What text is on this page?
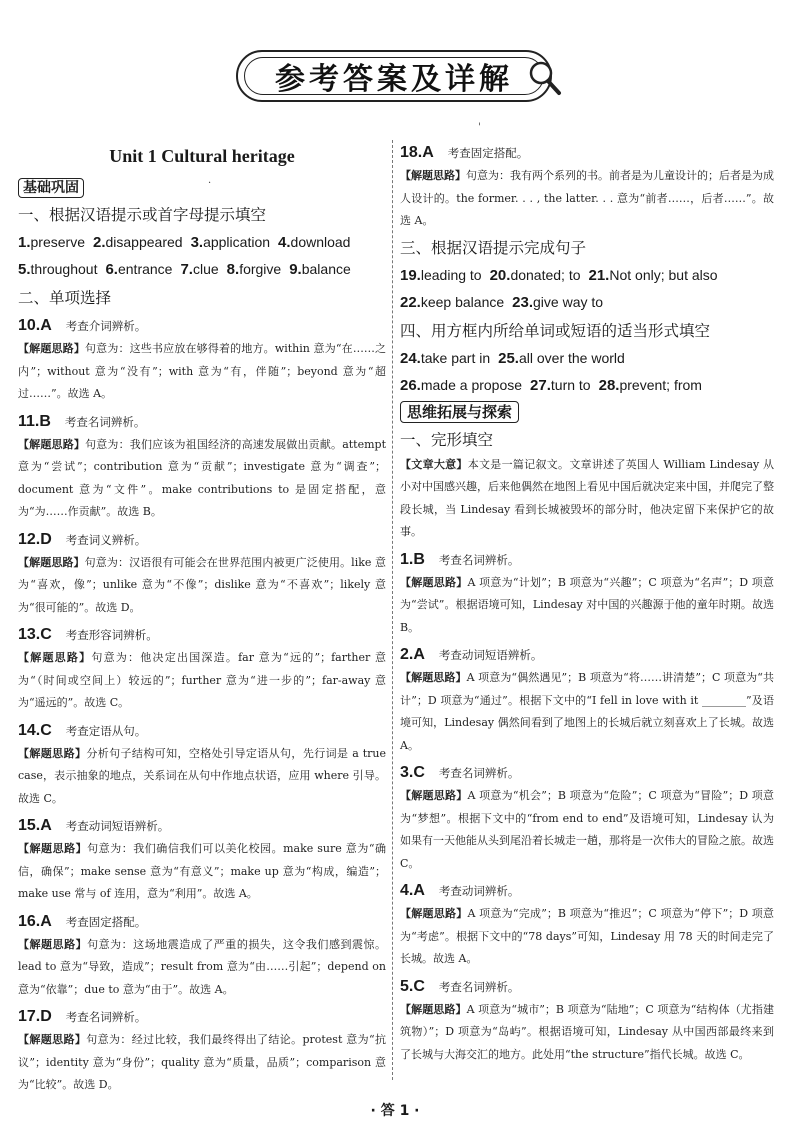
参考答案及详解
·
'
Unit 1 Cultural heritage
基础巩固
一、根据汉语提示或首字母提示填空
1.preserve 2.disappeared 3.application 4.download
5.throughout 6.entrance 7.clue 8.forgive 9.balance
二、单项选择
10.A 考查介词辨析。
【解题思路】句意为：这些书应放在够得着的地方。within 意为“在……之内”；without 意为“没有”；with 意为“有，伴随”；beyond 意为“超过……”。故选 A。
11.B 考查名词辨析。
【解题思路】句意为：我们应该为祖国经济的高速发展做出贡献。attempt 意为“尝试”；contribution 意为“贡献”；investigate 意为“调查”；document 意为“文件”。make contributions to 是固定搭配，意为“为……作贡献”。故选 B。
12.D 考查词义辨析。
【解题思路】句意为：汉语很有可能会在世界范围内被更广泛使用。like 意为“喜欢，像”；unlike 意为“不像”；dislike 意为“不喜欢”；likely 意为“很可能的”。故选 D。
13.C 考查形容词辨析。
【解题思路】句意为：他决定出国深造。far 意为“远的”；farther 意为“（时间或空间上）较远的”；further 意为“进一步的”；far-away 意为“遥远的”。故选 C。
14.C 考查定语从句。
【解题思路】分析句子结构可知，空格处引导定语从句，先行词是 a true case，表示抽象的地点，关系词在从句中作地点状语，应用 where 引导。故选 C。
15.A 考查动词短语辨析。
【解题思路】句意为：我们确信我们可以美化校园。make sure 意为“确信，确保”；make sense 意为“有意义”；make up 意为“构成，编造”；make use 常与 of 连用，意为“利用”。故选 A。
16.A 考查固定搭配。
【解题思路】句意为：这场地震造成了严重的损失，这令我们感到震惊。lead to 意为“导致，造成”；result from 意为“由……引起”；depend on 意为“依靠”；due to 意为“由于”。故选 A。
17.D 考查名词辨析。
【解题思路】句意为：经过比较，我们最终得出了结论。protest 意为“抗议”；identity 意为“身份”；quality 意为“质量，品质”；comparison 意为“比较”。故选 D。
18.A 考查固定搭配。
【解题思路】句意为：我有两个系列的书。前者是为儿童设计的；后者是为成人设计的。the former. . . , the latter. . . 意为“前者……，后者……”。故选 A。
三、根据汉语提示完成句子
19.leading to 20.donated; to 21.Not only; but also
22.keep balance 23.give way to
四、用方框内所给单词或短语的适当形式填空
24.take part in 25.all over the world
26.made a propose 27.turn to 28.prevent; from
思维拓展与探索
一、完形填空
【文章大意】本文是一篇记叙文。文章讲述了英国人 William Lindesay 从小对中国感兴趣，后来他偶然在地图上看见中国后就决定来中国，并爬完了整段长城，当 Lindesay 看到长城被毁坏的部分时，他决定留下来保护它的故事。
1.B 考查名词辨析。
【解题思路】A 项意为“计划”；B 项意为“兴趣”；C 项意为“名声”；D 项意为“尝试”。根据语境可知，Lindesay 对中国的兴趣源于他的童年时期。故选 B。
2.A 考查动词短语辨析。
【解题思路】A 项意为“偶然遇见”；B 项意为“将……讲清楚”；C 项意为“共计”；D 项意为“通过”。根据下文中的“I fell in love with it ________”及语境可知，Lindesay 偶然间看到了地图上的长城后就立刻喜欢上了长城。故选 A。
3.C 考查名词辨析。
【解题思路】A 项意为“机会”；B 项意为“危险”；C 项意为“冒险”；D 项意为“梦想”。根据下文中的“from end to end”及语境可知，Lindesay 认为如果有一天他能从头到尾沿着长城走一趟，那将是一次伟大的冒险之旅。故选 C。
4.A 考查动词辨析。
【解题思路】A 项意为“完成”；B 项意为“推迟”；C 项意为“停下”；D 项意为“考虑”。根据下文中的“78 days”可知，Lindesay 用 78 天的时间走完了长城。故选 A。
5.C 考查名词辨析。
【解题思路】A 项意为“城市”；B 项意为“陆地”；C 项意为“结构体（尤指建筑物）”；D 项意为“岛屿”。根据语境可知，Lindesay 从中国西部最终来到了长城与大海交汇的地方。此处用“the structure”指代长城。故选 C。
· 答 1 ·
